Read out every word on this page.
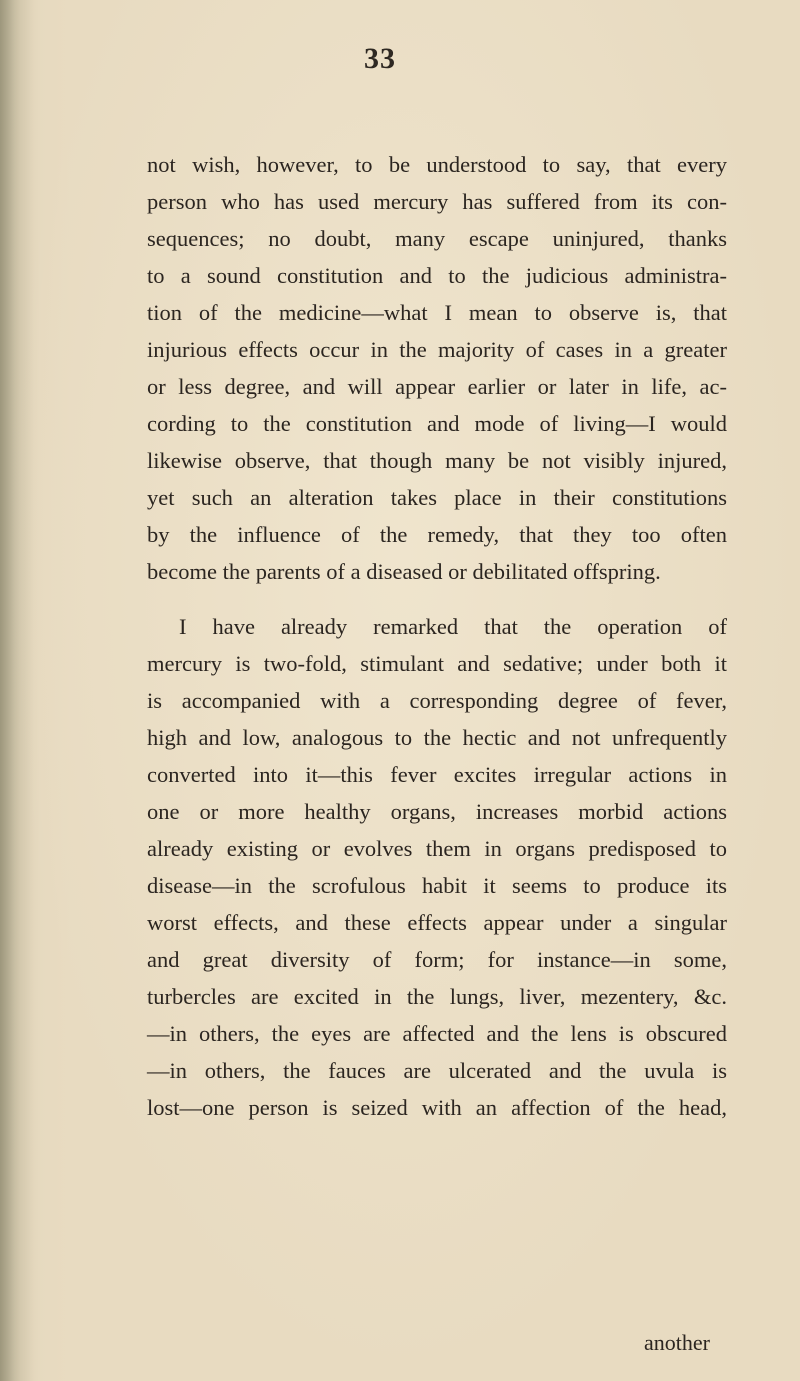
33
not wish, however, to be understood to say, that every
person who has used mercury has suffered from its con-
sequences; no doubt, many escape uninjured, thanks
to a sound constitution and to the judicious administra-
tion of the medicine—what I mean to observe is, that
injurious effects occur in the majority of cases in a greater
or less degree, and will appear earlier or later in life, ac-
cording to the constitution and mode of living—I would
likewise observe, that though many be not visibly injured,
yet such an alteration takes place in their constitutions
by the influence of the remedy, that they too often
become the parents of a diseased or debilitated offspring.
I have already remarked that the operation of
mercury is two-fold, stimulant and sedative; under both it
is accompanied with a corresponding degree of fever,
high and low, analogous to the hectic and not unfrequently
converted into it—this fever excites irregular actions in
one or more healthy organs, increases morbid actions
already existing or evolves them in organs predisposed to
disease—in the scrofulous habit it seems to produce its
worst effects, and these effects appear under a singular
and great diversity of form; for instance—in some,
turbercles are excited in the lungs, liver, mezentery, &c.
—in others, the eyes are affected and the lens is obscured
—in others, the fauces are ulcerated and the uvula is
lost—one person is seized with an affection of the head,
another
